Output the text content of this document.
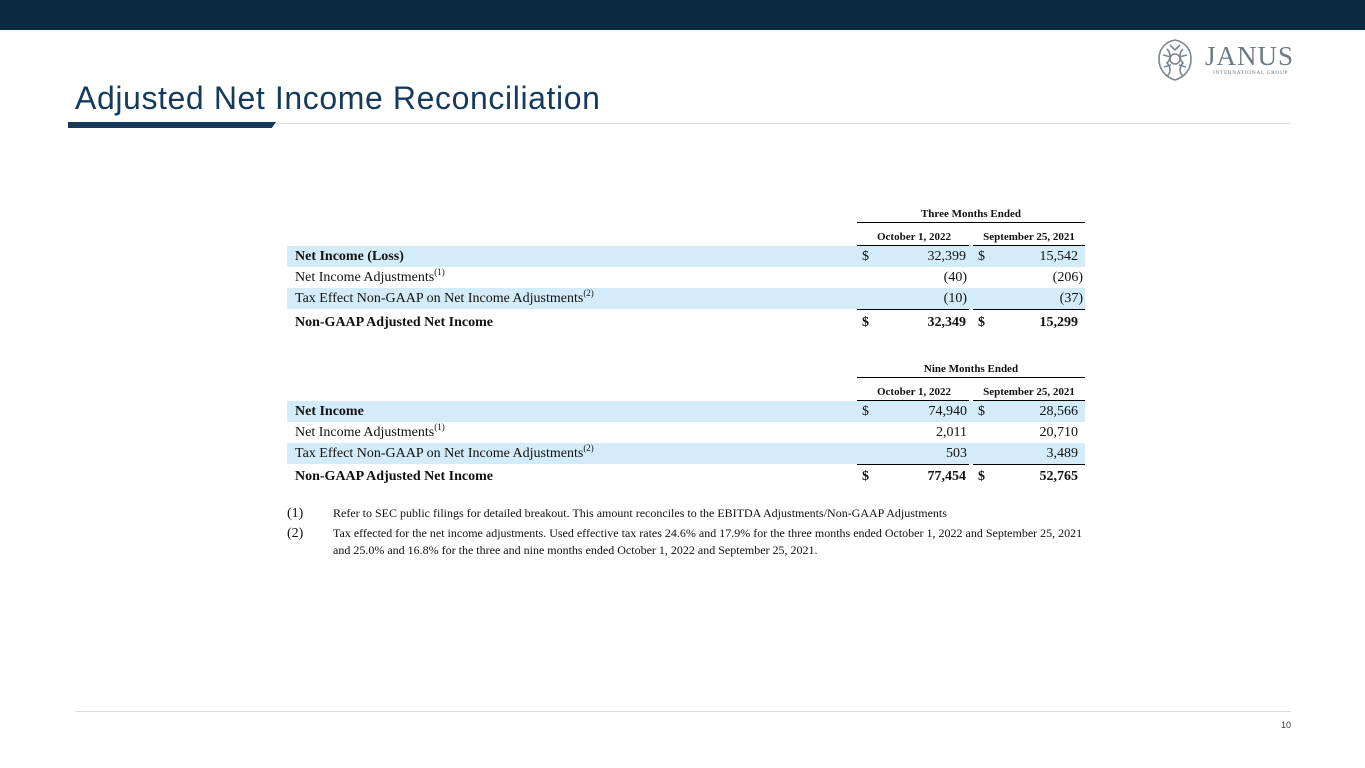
JANUS
INTERNATIONAL GROUP
Adjusted Net Income Reconciliation
Three Months Ended
October 1, 2022	September 25, 2021
Net Income (Loss)	$	32,399 $	15,542
Net Income Adjustments$^{(1)}$	(40)	(206)
Tax Effect Non-GAAP on Net Income Adjustments$^{(2)}$	(10)	(37)
Non-GAAP Adjusted Net Income	$	32,349 $	15,299
Nine Months Ended
October 1, 2022	September 25, 2021
Net Income	$	74,940 $	28,566
Net Income Adjustments$^{(1)}$	2,011	20,710
Tax Effect Non-GAAP on Net Income Adjustments$^{(2)}$	503	3,489
Non-GAAP Adjusted Net Income	$	77,454 $	52,765
(1) Refer to SEC public filings for detailed breakout. This amount reconciles to the EBITDA Adjustments/Non-GAAP Adjustments
(2) Tax effected for the net income adjustments. Used effective tax rates 24.6% and 17.9% for the three months ended October 1, 2022 and September 25, 2021 and 25.0% and 16.8% for the three and nine months ended October 1, 2022 and September 25, 2021.
10
